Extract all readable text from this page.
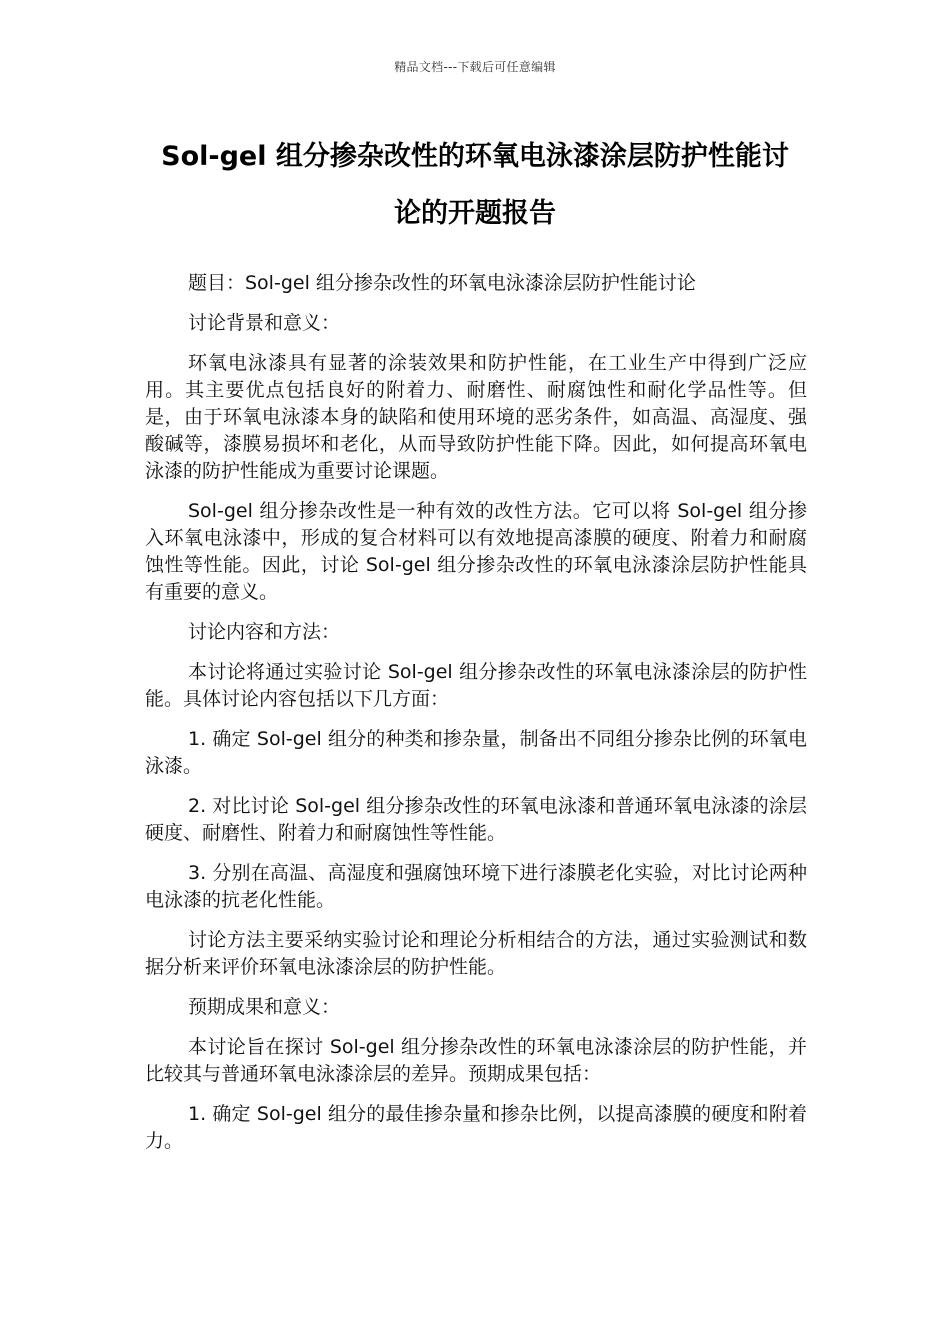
精品文档---下载后可任意编辑
Sol-gel 组分掺杂改性的环氧电泳漆涂层防护性能讨
论的开题报告

题目：Sol-gel 组分掺杂改性的环氧电泳漆涂层防护性能讨论

讨论背景和意义：

环氧电泳漆具有显著的涂装效果和防护性能，在工业生产中得到广泛应用。其主要优点包括良好的附着力、耐磨性、耐腐蚀性和耐化学品性等。但是，由于环氧电泳漆本身的缺陷和使用环境的恶劣条件，如高温、高湿度、强酸碱等，漆膜易损坏和老化，从而导致防护性能下降。因此，如何提高环氧电泳漆的防护性能成为重要讨论课题。

Sol-gel 组分掺杂改性是一种有效的改性方法。它可以将 Sol-gel 组分掺入环氧电泳漆中，形成的复合材料可以有效地提高漆膜的硬度、附着力和耐腐蚀性等性能。因此，讨论 Sol-gel 组分掺杂改性的环氧电泳漆涂层防护性能具有重要的意义。

讨论内容和方法：

本讨论将通过实验讨论 Sol-gel 组分掺杂改性的环氧电泳漆涂层的防护性能。具体讨论内容包括以下几方面：

1. 确定 Sol-gel 组分的种类和掺杂量，制备出不同组分掺杂比例的环氧电泳漆。

2. 对比讨论 Sol-gel 组分掺杂改性的环氧电泳漆和普通环氧电泳漆的涂层硬度、耐磨性、附着力和耐腐蚀性等性能。

3. 分别在高温、高湿度和强腐蚀环境下进行漆膜老化实验，对比讨论两种电泳漆的抗老化性能。

讨论方法主要采纳实验讨论和理论分析相结合的方法，通过实验测试和数据分析来评价环氧电泳漆涂层的防护性能。

预期成果和意义：

本讨论旨在探讨 Sol-gel 组分掺杂改性的环氧电泳漆涂层的防护性能，并比较其与普通环氧电泳漆涂层的差异。预期成果包括：

1. 确定 Sol-gel 组分的最佳掺杂量和掺杂比例，以提高漆膜的硬度和附着力。
